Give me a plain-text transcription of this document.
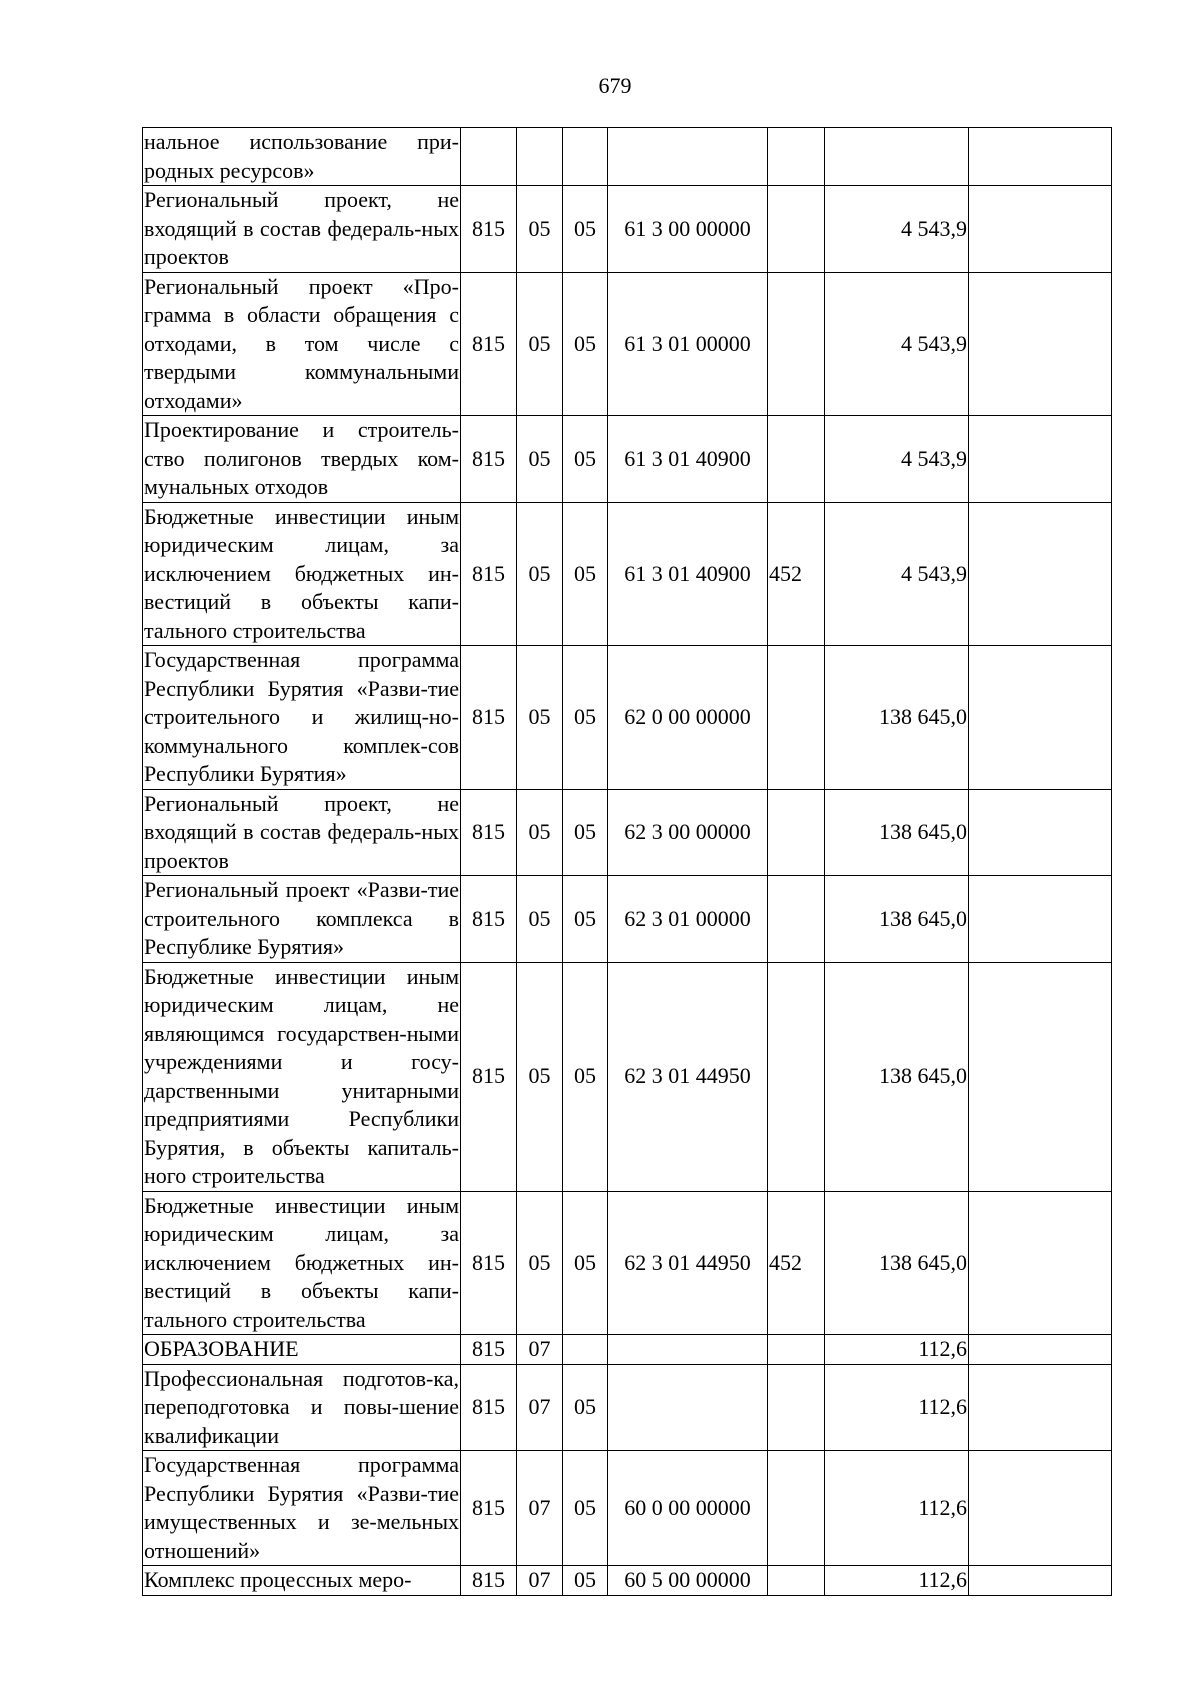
679
нальное использование при-родных ресурсов»							
Региональный проект, не входящий в состав федераль-ных проектов	815	05	05	61 3 00 00000		4 543,9	
Региональный проект «Про-грамма в области обращения с отходами, в том числе с твердыми коммунальными отходами»	815	05	05	61 3 01 00000		4 543,9	
Проектирование и строитель-ство полигонов твердых ком-мунальных отходов	815	05	05	61 3 01 40900		4 543,9	
Бюджетные инвестиции иным юридическим лицам, за исключением бюджетных ин-вестиций в объекты капи-тального строительства	815	05	05	61 3 01 40900	452	4 543,9	
Государственная программа Республики Бурятия «Разви-тие строительного и жилищ-но-коммунального комплек-сов Республики Бурятия»	815	05	05	62 0 00 00000		138 645,0	
Региональный проект, не входящий в состав федераль-ных проектов	815	05	05	62 3 00 00000		138 645,0	
Региональный проект «Разви-тие строительного комплекса в Республике Бурятия»	815	05	05	62 3 01 00000		138 645,0	
Бюджетные инвестиции иным юридическим лицам, не являющимся государствен-ными учреждениями и госу-дарственными унитарными предприятиями Республики Бурятия, в объекты капиталь-ного строительства	815	05	05	62 3 01 44950		138 645,0	
Бюджетные инвестиции иным юридическим лицам, за исключением бюджетных ин-вестиций в объекты капи-тального строительства	815	05	05	62 3 01 44950	452	138 645,0	
ОБРАЗОВАНИЕ	815	07				112,6	
Профессиональная подготов-ка, переподготовка и повы-шение квалификации	815	07	05			112,6	
Государственная программа Республики Бурятия «Разви-тие имущественных и зе-мельных отношений»	815	07	05	60 0 00 00000		112,6	
Комплекс процессных меро-	815	07	05	60 5 00 00000		112,6	
